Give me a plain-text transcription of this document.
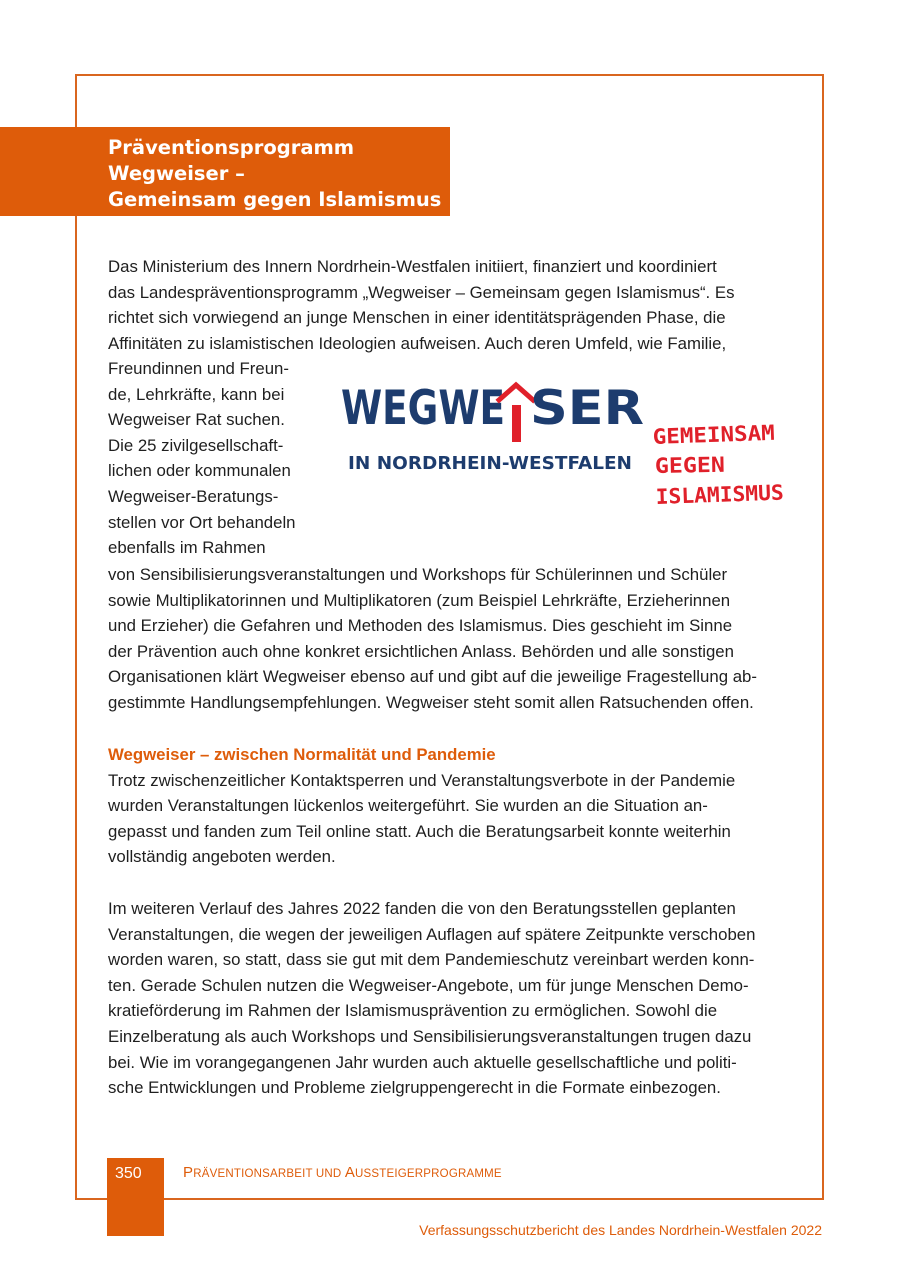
Präventionsprogramm
Wegweiser –
Gemeinsam gegen Islamismus
Das Ministerium des Innern Nordrhein-Westfalen initiiert, finanziert und koordiniert
das Landespräventionsprogramm „Wegweiser – Gemeinsam gegen Islamismus“. Es
richtet sich vorwiegend an junge Menschen in einer identitätsprägenden Phase, die
Affinitäten zu islamistischen Ideologien aufweisen. Auch deren Umfeld, wie Familie,
Freundinnen und Freun-
de, Lehrkräfte, kann bei
Wegweiser Rat suchen.
Die 25 zivilgesellschaft-
lichen oder kommunalen
Wegweiser-Beratungs-
stellen vor Ort behandeln
ebenfalls im Rahmen
WEGWE SER
IN NORDRHEIN-WESTFALEN
GEMEINSAM
GEGEN
ISLAMISMUS
von Sensibilisierungsveranstaltungen und Workshops für Schülerinnen und Schüler
sowie Multiplikatorinnen und Multiplikatoren (zum Beispiel Lehrkräfte, Erzieherinnen
und Erzieher) die Gefahren und Methoden des Islamismus. Dies geschieht im Sinne
der Prävention auch ohne konkret ersichtlichen Anlass. Behörden und alle sonstigen
Organisationen klärt Wegweiser ebenso auf und gibt auf die jeweilige Fragestellung ab-
gestimmte Handlungsempfehlungen. Wegweiser steht somit allen Ratsuchenden offen.
Wegweiser – zwischen Normalität und Pandemie
Trotz zwischenzeitlicher Kontaktsperren und Veranstaltungsverbote in der Pandemie
wurden Veranstaltungen lückenlos weitergeführt. Sie wurden an die Situation an-
gepasst und fanden zum Teil online statt. Auch die Beratungsarbeit konnte weiterhin
vollständig angeboten werden.
Im weiteren Verlauf des Jahres 2022 fanden die von den Beratungsstellen geplanten
Veranstaltungen, die wegen der jeweiligen Auflagen auf spätere Zeitpunkte verschoben
worden waren, so statt, dass sie gut mit dem Pandemieschutz vereinbart werden konn-
ten. Gerade Schulen nutzen die Wegweiser-Angebote, um für junge Menschen Demo-
kratieförderung im Rahmen der Islamismusprävention zu ermöglichen. Sowohl die
Einzelberatung als auch Workshops und Sensibilisierungsveranstaltungen trugen dazu
bei. Wie im vorangegangenen Jahr wurden auch aktuelle gesellschaftliche und politi-
sche Entwicklungen und Probleme zielgruppengerecht in die Formate einbezogen.
350	PRÄVENTIONSARBEIT UND AUSSTEIGERPROGRAMME
Verfassungsschutzbericht des Landes Nordrhein-Westfalen 2022
